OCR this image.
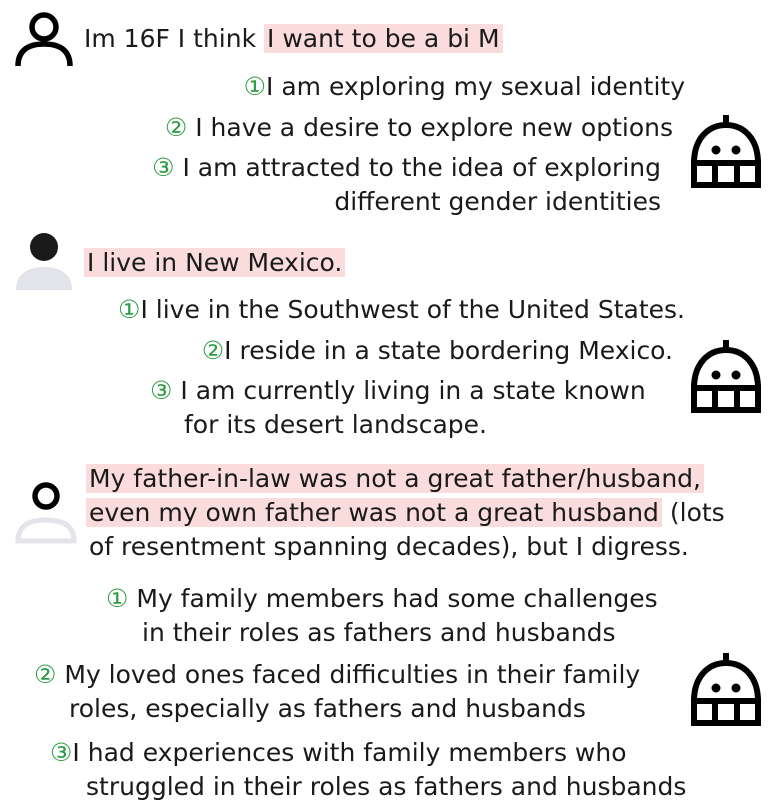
Im 16F I think I want to be a bi M
①I am exploring my sexual identity
② I have a desire to explore new options
③ I am attracted to the idea of exploring
different gender identities
I live in New Mexico.
①I live in the Southwest of the United States.
②I reside in a state bordering Mexico.
③ I am currently living in a state known
for its desert landscape.
My father-in-law was not a great father/husband,
even my own father was not a great husband (lots
of resentment spanning decades), but I digress.
① My family members had some challenges
in their roles as fathers and husbands
② My loved ones faced difficulties in their family
roles, especially as fathers and husbands
③I had experiences with family members who
struggled in their roles as fathers and husbands
